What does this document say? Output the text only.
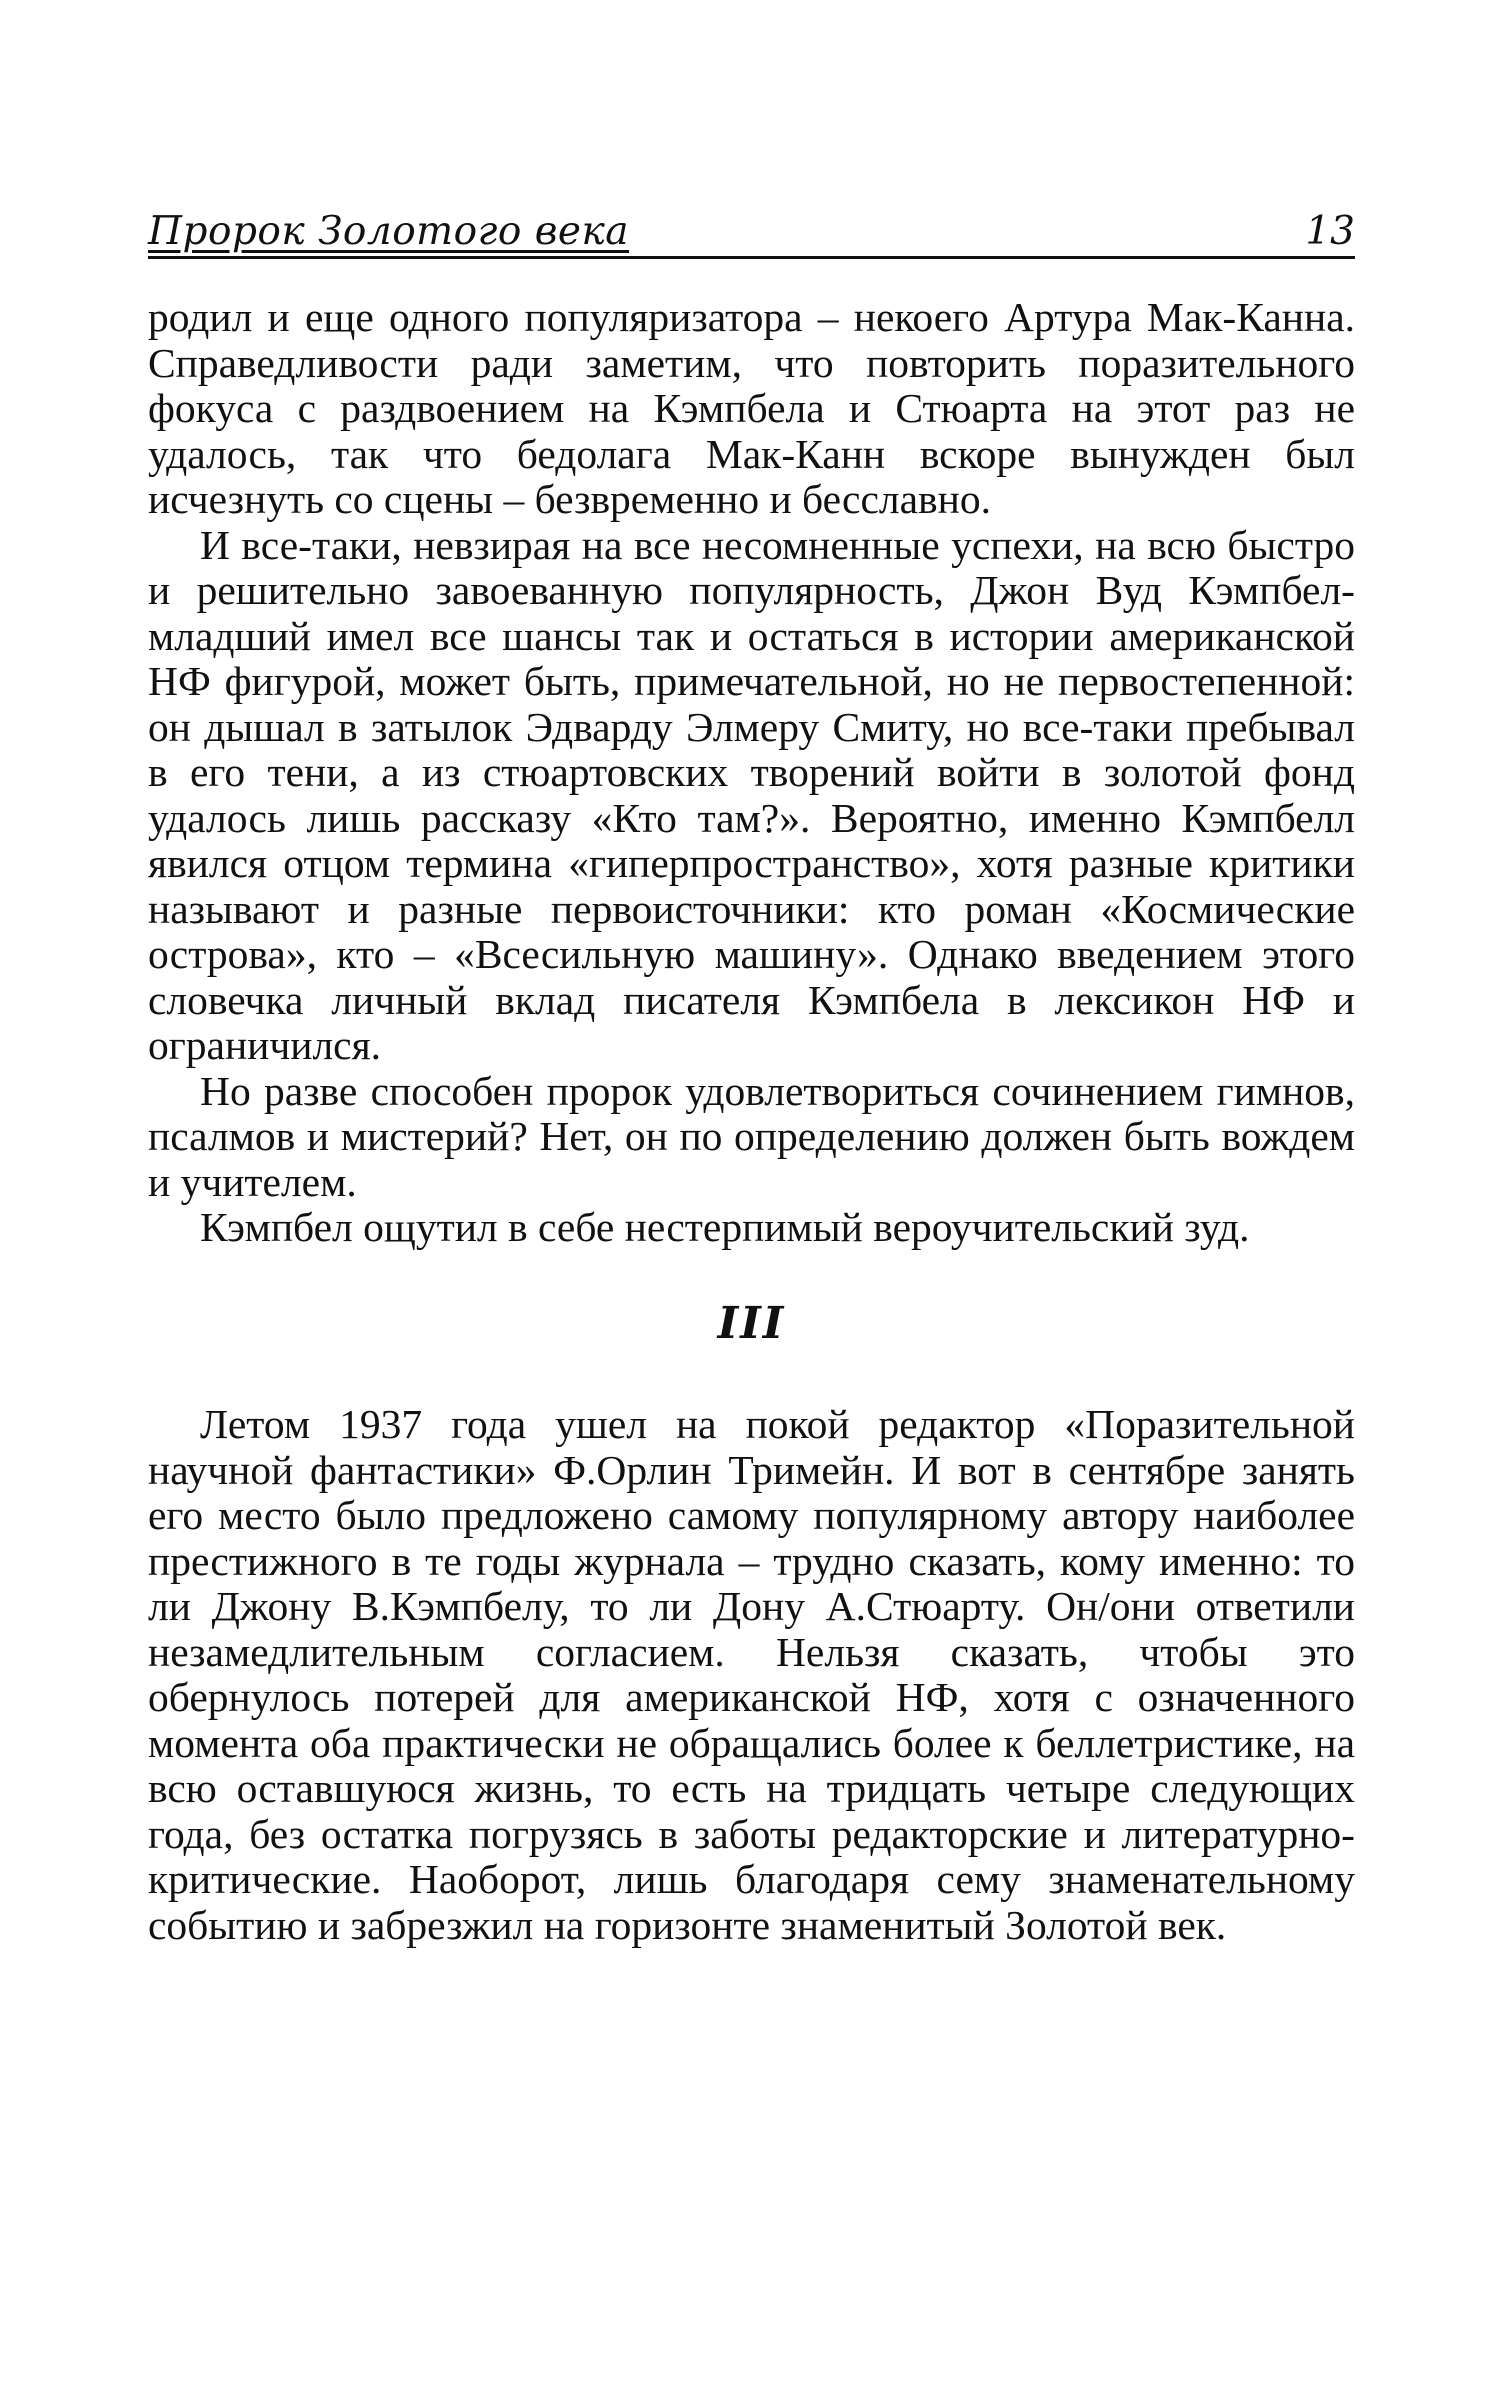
Пророк Золотого века	13

родил и еще одного популяризатора – некоего Артура Мак-Канна. Справедливости ради заметим, что повторить поразительного фокуса с раздвоением на Кэмпбела и Стюарта на этот раз не удалось, так что бедолага Мак-Канн вскоре вынужден был исчезнуть со сцены – безвременно и бесславно.

И все-таки, невзирая на все несомненные успехи, на всю быстро и решительно завоеванную популярность, Джон Вуд Кэмпбел-младший имел все шансы так и остаться в истории американской НФ фигурой, может быть, примечательной, но не первостепенной: он дышал в затылок Эдварду Элмеру Смиту, но все-таки пребывал в его тени, а из стюартовских творений войти в золотой фонд удалось лишь рассказу «Кто там?». Вероятно, именно Кэмпбелл явился отцом термина «гиперпространство», хотя разные критики называют и разные первоисточники: кто роман «Космические острова», кто – «Всесильную машину». Однако введением этого словечка личный вклад писателя Кэмпбела в лексикон НФ и ограничился.

Но разве способен пророк удовлетвориться сочинением гимнов, псалмов и мистерий? Нет, он по определению должен быть вождем и учителем.

Кэмпбел ощутил в себе нестерпимый вероучительский зуд.

III

Летом 1937 года ушел на покой редактор «Поразительной научной фантастики» Ф.Орлин Тримейн. И вот в сентябре занять его место было предложено самому популярному автору наиболее престижного в те годы журнала – трудно сказать, кому именно: то ли Джону В.Кэмпбелу, то ли Дону А.Стюарту. Он/они ответили незамедлительным согласием. Нельзя сказать, чтобы это обернулось потерей для американской НФ, хотя с означенного момента оба практически не обращались более к беллетристике, на всю оставшуюся жизнь, то есть на тридцать четыре следующих года, без остатка погрузясь в заботы редакторские и литературно-критические. Наоборот, лишь благодаря сему знаменательному событию и забрезжил на горизонте знаменитый Золотой век.
